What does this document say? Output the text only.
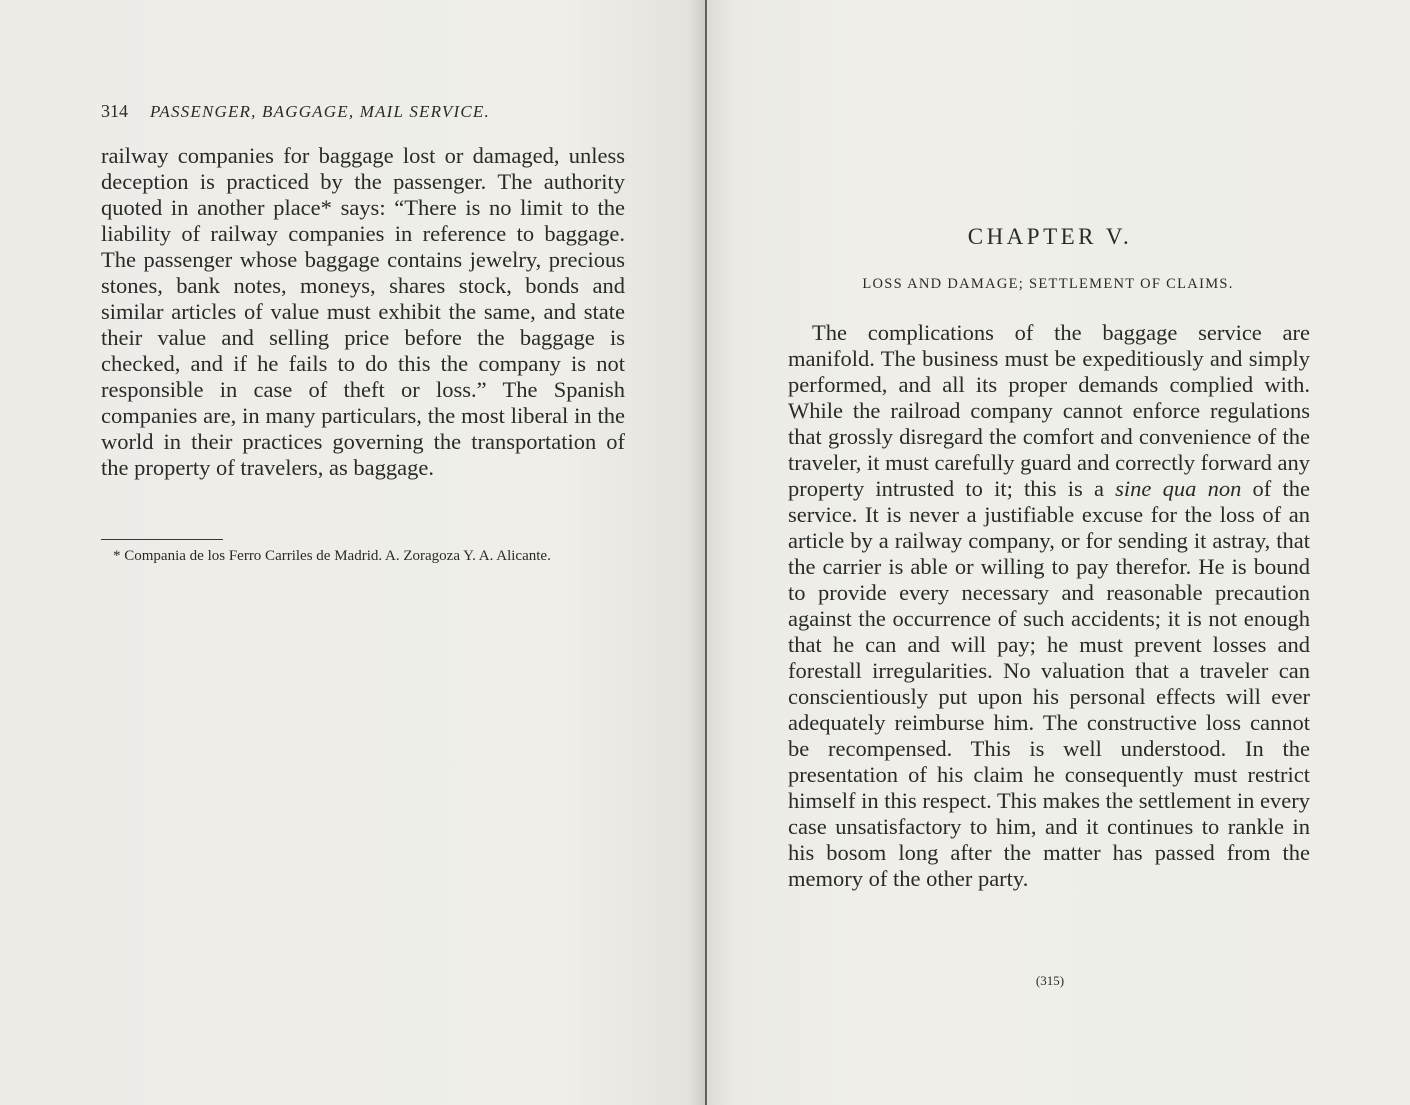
314 PASSENGER, BAGGAGE, MAIL SERVICE.

railway companies for baggage lost or damaged, unless deception is practiced by the passenger. The authority quoted in another place* says: “There is no limit to the liability of railway companies in reference to baggage. The passenger whose baggage contains jewelry, precious stones, bank notes, moneys, shares stock, bonds and similar articles of value must exhibit the same, and state their value and selling price before the baggage is checked, and if he fails to do this the company is not responsible in case of theft or loss.” The Spanish companies are, in many particulars, the most liberal in the world in their practices governing the transportation of the property of travelers, as baggage.

* Compania de los Ferro Carriles de Madrid. A. Zoragoza Y. A. Alicante.
CHAPTER V.
LOSS AND DAMAGE; SETTLEMENT OF CLAIMS.

The complications of the baggage service are manifold. The business must be expeditiously and simply performed, and all its proper demands complied with. While the railroad company cannot enforce regulations that grossly disregard the comfort and convenience of the traveler, it must carefully guard and correctly forward any property intrusted to it; this is a sine qua non of the service. It is never a justifiable excuse for the loss of an article by a railway company, or for sending it astray, that the carrier is able or willing to pay therefor. He is bound to provide every necessary and reasonable precaution against the occurrence of such accidents; it is not enough that he can and will pay; he must prevent losses and forestall irregularities. No valuation that a traveler can conscientiously put upon his personal effects will ever adequately reimburse him. The constructive loss cannot be recompensed. This is well understood. In the presentation of his claim he consequently must restrict himself in this respect. This makes the settlement in every case unsatisfactory to him, and it continues to rankle in his bosom long after the matter has passed from the memory of the other party.

(315)
